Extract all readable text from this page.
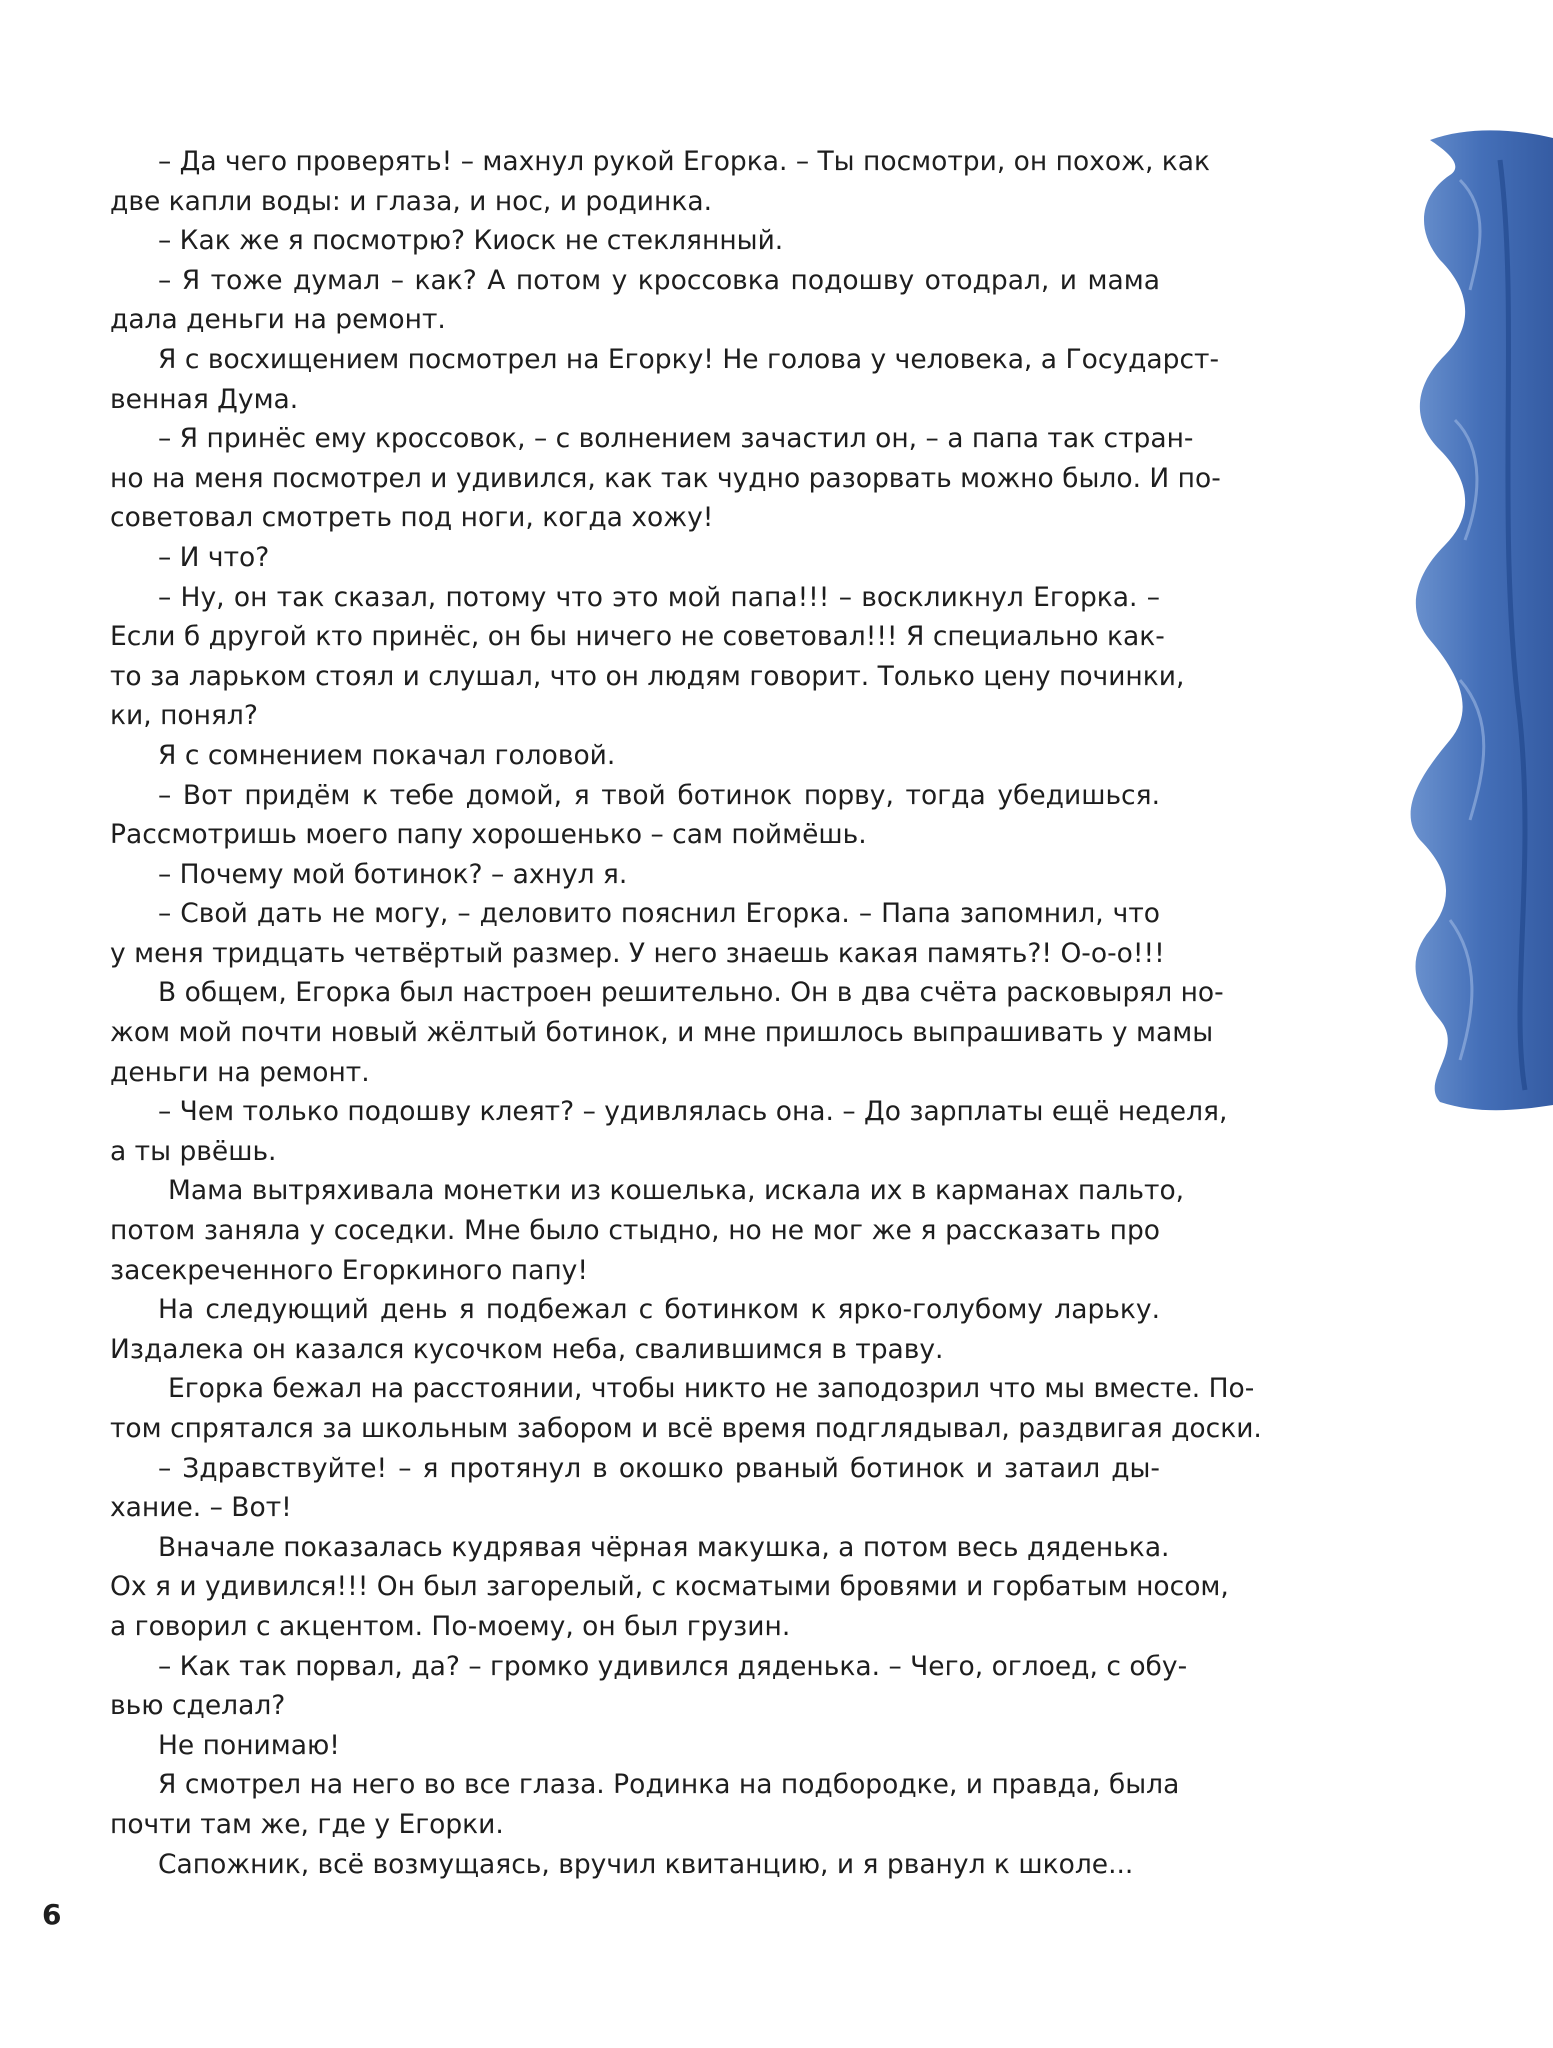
– Да чего проверять! – махнул рукой Егорка. – Ты посмотри, он похож, как
две капли воды: и глаза, и нос, и родинка.
– Как же я посмотрю? Киоск не стеклянный.
– Я тоже думал – как? А потом у кроссовка подошву отодрал, и мама
дала деньги на ремонт.
Я с восхищением посмотрел на Егорку! Не голова у человека, а Государст-
венная Дума.
– Я принёс ему кроссовок, – с волнением зачастил он, – а папа так стран-
но на меня посмотрел и удивился, как так чудно разорвать можно было. И по-
советовал смотреть под ноги, когда хожу!
– И что?
– Ну, он так сказал, потому что это мой папа!!! – воскликнул Егорка. –
Если б другой кто принёс, он бы ничего не советовал!!! Я специально как-
то за ларьком стоял и слушал, что он людям говорит. Только цену починки,
ки, понял?
Я с сомнением покачал головой.
– Вот придём к тебе домой, я твой ботинок порву, тогда убедишься.
Рассмотришь моего папу хорошенько – сам поймёшь.
– Почему мой ботинок? – ахнул я.
– Свой дать не могу, – деловито пояснил Егорка. – Папа запомнил, что
у меня тридцать четвёртый размер. У него знаешь какая память?! О-о-о!!!
В общем, Егорка был настроен решительно. Он в два счёта расковырял но-
жом мой почти новый жёлтый ботинок, и мне пришлось выпрашивать у мамы
деньги на ремонт.
– Чем только подошву клеят? – удивлялась она. – До зарплаты ещё неделя,
а ты рвёшь.
Мама вытряхивала монетки из кошелька, искала их в карманах пальто,
потом заняла у соседки. Мне было стыдно, но не мог же я рассказать про
засекреченного Егоркиного папу!
На следующий день я подбежал с ботинком к ярко-голубому ларьку.
Издалека он казался кусочком неба, свалившимся в траву.
Егорка бежал на расстоянии, чтобы никто не заподозрил что мы вместе. По-
том спрятался за школьным забором и всё время подглядывал, раздвигая доски.
– Здравствуйте! – я протянул в окошко рваный ботинок и затаил ды-
хание. – Вот!
Вначале показалась кудрявая чёрная макушка, а потом весь дяденька.
Ох я и удивился!!! Он был загорелый, с косматыми бровями и горбатым носом,
а говорил с акцентом. По-моему, он был грузин.
– Как так порвал, да? – громко удивился дяденька. – Чего, оглоед, с обу-
вью сделал?
Не понимаю!
Я смотрел на него во все глаза. Родинка на подбородке, и правда, была
почти там же, где у Егорки.
Сапожник, всё возмущаясь, вручил квитанцию, и я рванул к школе...
6
